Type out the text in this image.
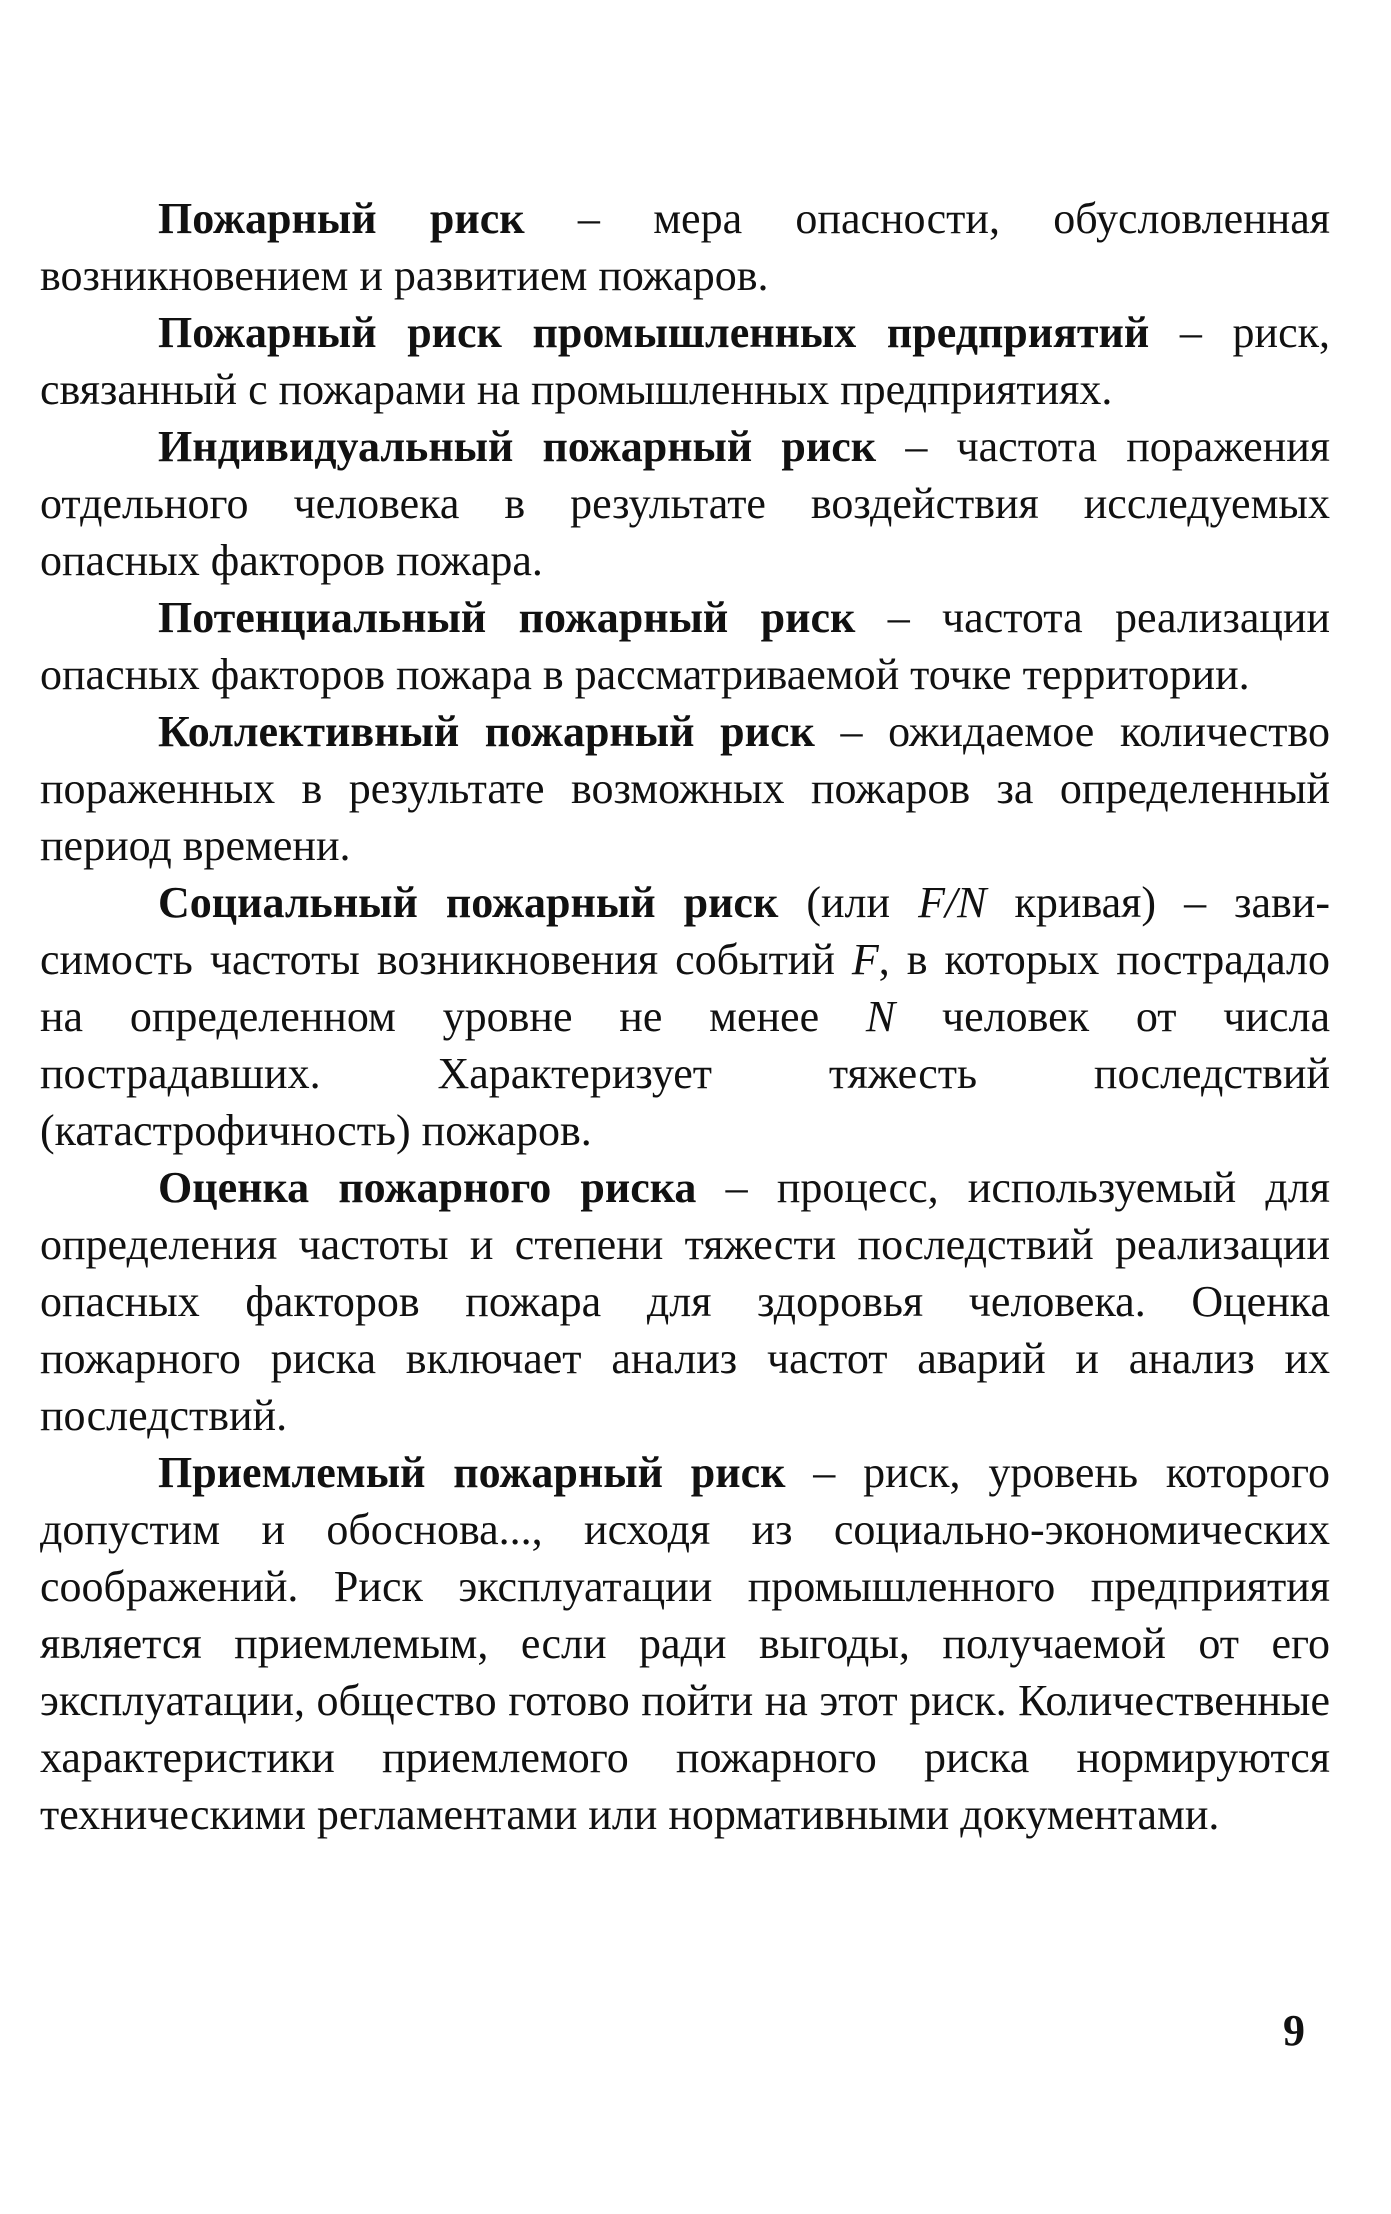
Пожарный риск – мера опасности, обусловленная возникновением и развитием пожаров.

Пожарный риск промышленных предприятий – риск, связанный с пожарами на промышленных предприятиях.

Индивидуальный пожарный риск – частота поражения отдельного человека в результате воздействия исследуемых опасных факторов пожара.

Потенциальный пожарный риск – частота реализации опасных факторов пожара в рассматриваемой точке территории.

Коллективный пожарный риск – ожидаемое количество пораженных в результате возможных пожаров за определенный период времени.

Социальный пожарный риск (или F/N кривая) – зависимость частоты возникновения событий F, в которых пострадало на определенном уровне не менее N человек от числа пострадавших. Характеризует тяжесть последствий (катастрофичность) пожаров.

Оценка пожарного риска – процесс, используемый для определения частоты и степени тяжести последствий реализации опасных факторов пожара для здоровья человека. Оценка пожарного риска включает анализ частот аварий и анализ их последствий.

Приемлемый пожарный риск – риск, уровень которого допустим и обоснова..., исходя из социально-экономических соображений. Риск эксплуатации промышленного предприятия является приемлемым, если ради выгоды, получаемой от его эксплуатации, общество готово пойти на этот риск. Количественные характеристики приемлемого пожарного риска нормируются техническими регламентами или нормативными документами.

9
